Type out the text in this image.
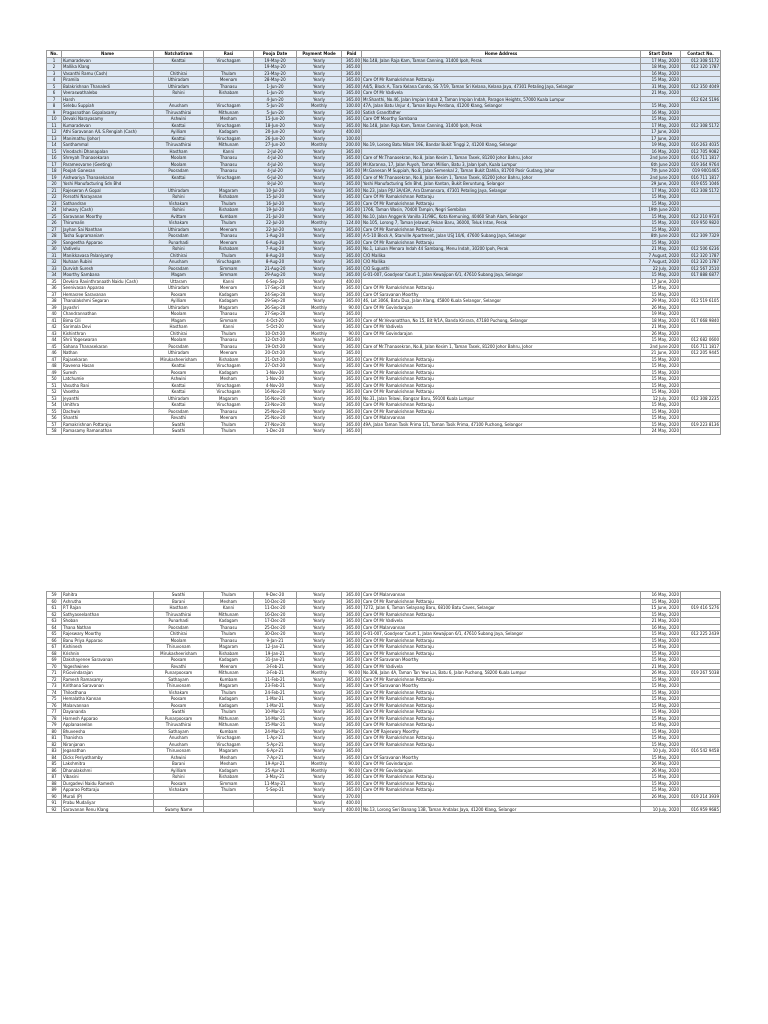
No.	Name	Natchatiram	Rasi	Pooja Date	Payment Mode	Paid	Home Address	Start Date	Contact No.
1	Kumaradevan	Keattai	Viruchagam	19-May-20	Yearly	365.00	No.148, Jalan Raja Kam, Taman Canning, 31400 Ipoh, Perak	17 May, 2020	012 308 5172
2	Mallika Klang			19-May-20	Yearly	365.00		18 May, 2020	012 320 1787
3	Vasanthi Ramu (Cash)	Chithirai	Thulam	23-May-20	Yearly	365.00		16 May, 2020	
4	Piramila	Uthiradam	Meenam	28-May-20	Yearly	365.00	Care Of Mr Ramakrishnan Pottaraju	15 May, 2020	
5	Balakrishnan Thanaledi	Uthiradam	Thanasu	1-Jun-20	Yearly	365.00	A4/5, Block A, Tiara Kelana Condo, SS 7/19, Taman Sri Kelana, Kelana Jaya, 47301 Petaling Jaya, Selangor	31 May, 2020	012 350 4049
6	Veeraswathalebo	Rohini	Rishabam	1-Jun-20	Yearly	365.00	Care Of Mr Vadivela	21 May, 2020	
7	Harsh			4-Jun-20	Yearly	365.00	Mr.Shanthi, No.46, Jalan Impian Indah 2, Taman Impian Indah, Paragon Heights, 57000 Kuala Lumpur		012 624 5196
8	Selebu Suppiah	Anusham	Viruchagam	5-Jun-20	Monthly	100.00	47A, Jalan Batu Unjur 4, Taman Bayu Perdana, 41200 Klang, Selangor	15 May, 2020	
9	Pragasnathan Gopalasamy	Thiruvathirai	Mithunam	5-Jun-20	Yearly	365.00	Satish Grandfather	16 May, 2020	
10	Devaki Narayasamy	Ashwini	Mesham	15-Jun-20	Yearly	365.00	Care Off Moorthy Sambana	15 May, 2020	
11	Kumaradevan	Keattai	Viruchagam	18-Jun-20	Yearly	365.00	No.148, Jalan Raja Kam, Taman Canning, 31400 Ipoh, Perak	17 May, 2020	012 308 5172
12	Athi Saravanan A/L S.Rengiah (Cash)	Ayilliam	Kadagam	20-Jun-20	Yearly	400.00		17 June, 2020	
13	Manimathu (Johor)	Keattai	Viruchagam	26-Jun-20	Yearly	100.00		17 June, 2020	
14	Santhammal	Thiruvathirai	Mithunam	27-Jun-20	Monthly	200.00	No.19, Lorong Batu Nilam 19E, Bandar Bukit Tinggi 2, 41200 Klang, Selangor	19 May, 2020	016 263 4035
15	Vinodachi Dhanapalan	Hastham	Kanni	2-Jul-20	Yearly	365.00		16 May, 2020	012 705 9082
16	Shreyah Thanasekaran	Moolam	Thanasu	4-Jul-20	Yearly	365.00	Care of Mr.Thanasekran, No.8, Jalan Kesim 1, Taman Tasek, 81200 Johor Bahru, Johor	2nd June 2020	016 711 1817
17	Paramesvarne (Geeting)	Moolam	Thanasu	4-Jul-20	Yearly	365.00	Mr.Karanna, 17, Jalan Puyoh, Taman Million, Batu 3, Jalan Ipoh, Kuala Lumpur	6th June 2020	019 364 9764
18	Poojah Ganesan	Pooradam	Thanasu	4-Jul-20	Yearly	365.00	Mr.Ganesan M Suppiah, No.8, Jalan Semenkal 2, Taman Bukit Dahlia, 81700 Pasir Gudang, Johor	7th June 2020	019 9001465
19	Aishwariya Thanasekaran	Keattai	Viruchagam	6-Jul-20	Yearly	365.00	Care of Mr.Thanasekran, No.8, Jalan Kesim 1, Taman Tasek, 81200 Johor Bahru, Johor	2nd June 2020	016 711 1817
20	Yoshi Manufacturing Sdn Bhd			8-Jul-20	Yearly	365.00	Yoshi Manufacturing Sdn Bhd, Jalan Kantan, Bukit Beruntung, Selangor	29 June, 2020	019 655 1046
21	Rajeswran A Gopal	Uthiradam	Magaram	10-Jul-20	Yearly	365.00	No.23, Jalan PJU 3A/43A, Ara Damansara, 47301 Petaling Jaya, Selangor	17 May, 2020	012 308 5172
22	Porsothi Narayanan	Rohini	Rishabam	15-Jul-20	Yearly	365.00	Care Of Mr Ramakrishnan Pottaraju	15 May, 2020	
23	Sathandran	Vishakam	Thulam	16-Jul-20	Yearly	365.00	Care Of Mr Ramakrishnan Pottaraju	15 May, 2020	
24	Ishwary (Cash)	Rohini	Rishabam	19-Jul-20	Yearly	365.00	1766, Taman Wasin, 70400 Tampin, Negri Sembilan	19th June 2020	
25	Saravanan Moorthy	Avittam	Kumbam	21-Jul-20	Yearly	365.00	No.10, Jalan Anggerik Vanilla 31/98C, Kota Kemuning, 40460 Shah Alam, Selangor	15 May, 2020	012 210 9724
26	Thirumalin	Vishakam	Thulam	22-Jul-20	Monthly	124.00	No.105, Lorong 7, Taman Jelawat, Pekan Baru, 36000, Teluk Intan, Perak	15 May, 2020	019 950 9820
27	Jayhan Sai Nanthan	Uthiradam	Meenam	22-Jul-20	Yearly	365.00	Care Of Mr Ramakrishnan Pottaraju	15 May, 2020	
28	Tasha Supramaniam	Pooradam	Thanasu	1-Aug-20	Yearly	365.00	A-5-10 Block A, Starville Apartment, Jalan USJ 10/6, 47600 Subang Jaya, Selangor	8th June 2020	012 309 7329
29	Sangeetha Apparao	Punarhadi	Meenam	6-Aug-20	Yearly	365.00	Care Of Mr Ramakrishnan Pottaraju	15 May, 2020	
30	Vadivelu	Rohini	Rishabam	7-Aug-20	Yearly	365.00	No.1, Laluan Menara Indah 44 Sambang, Menu Indah, 30200 Ipoh, Perak	21 May, 2020	012 506 6236
31	Manikkavasa Palaniyamy	Chithirai	Thulam	8-Aug-20	Yearly	365.00	C/O Mallika	7 August, 2020	012 320 1787
32	Nuhaan Rubini	Anusham	Viruchagam	8-Aug-20	Yearly	365.00	C/O Mallika	7 August, 2020	012 320 1787
33	Durvish Suresh	Pooradam	Simmam	21-Aug-20	Yearly	365.00	C/O Sugunthi	22 July, 2020	012 567 2510
34	Moorthy Sambana	Magam	Simmam	29-Aug-20	Yearly	365.00	G-01-007, Goodyear Court 1, Jalan Kewajipan 6/1, 47610 Subang Jaya, Selangor	15 May, 2020	017 888 6877
35	Devkira Ravinthranaath Naidu (Cash)	Uttaram	Kanni	6-Sep-20	Yearly	400.00		17 June, 2020	
36	Seenivasan Apparao	Uthiradam	Meenam	17-Sep-20	Yearly	365.00	Care Of Mr Ramakrishnan Pottaraju	15 May, 2020	
37	Hemasree Saravanan	Poosam	Kadagam	24-Sep-20	Yearly	365.00	Care Of Saravanan Moorthy	15 May, 2020	
38	Thanalakshmi Segaran	Ayilliam	Kadagam	29-Sep-20	Yearly	365.00	46, Lot 3066, Batu Dua, Jalan Klang, 45800 Kuala Selangor, Selangor	29 May, 2020	012 519 6105
39	Jayashri	Uthiradam	Magaram	26-Sep-20	Monthly	90.00	Care Of Mr Govindarajan	26 May, 2020	
40	Chandrannathan	Moolam	Thanasu	27-Sep-20	Yearly	365.00		19 May, 2020	
41	Bima Cili	Magam	Simmam	4-Oct-20	Yearly	365.00	Care of Mr.Vevanatthan, No 15, Bit 9/1A, Banda Kinrara, 47180 Puchong, Selangor	18 May, 2020	017 668 9840
42	Sarimala Devi	Hastham	Kanni	5-Oct-20	Yearly	365.00	Care Of Mr Vadivela	21 May, 2020	
43	Kishinthran	Chithirai	Thulam	10-Oct-20	Monthly	90.00	Care Of Mr Govindarajan	26 May, 2020	
44	Shrii Yogeswaran	Moolam	Thanasu	12-Oct-20	Yearly	365.00		15 May, 2020	012 682 0600
45	Sahana Thanasekaran	Pooradam	Thanasu	19-Oct-20	Yearly	365.00	Care of Mr.Thanasekran, No.8, Jalan Kesim 1, Taman Tasek, 81200 Johor Bahru, Johor	2nd June 2020	016 711 1817
46	Nathan	Uthiradam	Meenam	20-Oct-20	Yearly	365.00		21 June, 2020	012 205 9445
47	Rajasekaran	Mirukasheerisham	Rishabam	21-Oct-20	Yearly	365.00	Care Of Mr Ramakrishnan Pottaraju	15 May, 2020	
48	Raveena Hasan	Keattai	Viruchagam	27-Oct-20	Yearly	365.00	Care Of Mr Ramakrishnan Pottaraju	15 May, 2020	
49	Suresh	Poosam	Kadagam	1-Nov-20	Yearly	365.00	Care Of Mr Ramakrishnan Pottaraju	15 May, 2020	
50	Latchumie	Ashwini	Mesham	1-Nov-20	Yearly	365.00	Care Of Mr Ramakrishnan Pottaraju	15 May, 2020	
51	Vasutha Rani	Keattai	Viruchagam	4-Nov-20	Yearly	365.00	Care Of Mr Ramakrishnan Pottaraju	15 May, 2020	
52	Vasetha	Keattai	Viruchagam	16-Nov-20	Yearly	365.00	Care Of Mr Ramakrishnan Pottaraju	15 May, 2020	
53	Jeyanthi	Uthiradam	Magaram	16-Nov-20	Yearly	365.00	No.31, Jalan Telawi, Bangsar Baru, 59100 Kuala Lumpur	12 July, 2020	012 308 2235
54	Umithra	Keattai	Viruchagam	23-Nov-20	Yearly	365.00	Care Of Mr Ramakrishnan Pottaraju	15 May, 2020	
55	Dachwin	Pooradam	Thanasu	25-Nov-20	Yearly	365.00	Care Of Mr Ramakrishnan Pottaraju	15 May, 2020	
56	Shanthi	Revathi	Meenam	25-Nov-20	Yearly	365.00	Care Of Malarvannan	15 May, 2020	
57	Ramakrishnan Pottaraju	Swathi	Thulam	27-Nov-20	Yearly	365.00	49A, Jalan Taman Tasik Prima 1/1, Taman Tasik Prima, 47100 Puchong, Selangor	15 May, 2020	019 223 8136
58	Ramasamy Ramanathan	Swathi	Thulam	1-Dec-20	Yearly	365.00		24 May, 2020	
59	Rohitra	Swathi	Thulam	9-Dec-20	Yearly	365.00	Care Of Malarvannan	16 May, 2020	
60	Ashrutha	Barani	Mesham	10-Dec-20	Yearly	365.00	Care Of Mr Ramakrishnan Pottaraju	15 May, 2020	
61	P.T Rajan	Hastham	Kanni	11-Dec-20	Yearly	365.00	7272, Jalan 6, Taman Selayang Baru, 68100 Batu Caves, Selangor	15 June, 2020	019 416 5276
62	Sathyaseelanthan	Thiruvathirai	Mithunam	16-Dec-20	Yearly	365.00	Care Of Mr Ramakrishnan Pottaraju	15 May, 2020	
63	Shoban	Punarhadi	Kadagam	17-Dec-20	Yearly	365.00	Care Of Mr Vadivela	21 May, 2020	
64	Thana Nathan	Pooradam	Thanasu	25-Dec-20	Yearly	365.00	Care Of Malarvannan	16 May, 2020	
65	Rajeswary Moorthy	Chithirai	Thulam	30-Dec-20	Yearly	365.00	G-01-007, Goodyear Court 1, Jalan Kewajipan 6/1, 47610 Subang Jaya, Selangor	15 May, 2020	012 225 2439
66	Banu Priya Apparao	Moolam	Thanasu	9-Jan-21	Yearly	365.00	Care Of Mr Ramakrishnan Pottaraju	15 May, 2020	
67	Kishinesh	Thiruvonam	Magaram	12-Jan-21	Yearly	365.00	Care Of Mr Ramakrishnan Pottaraju	15 May, 2020	
68	Krishnin	Mirukasheerisham	Rishabam	19-Jan-21	Yearly	365.00	Care Of Mr Ramakrishnan Pottaraju	15 May, 2020	
69	Dakshayenee Saravanan	Poosam	Kadagam	31-Jan-21	Yearly	365.00	Care Of Saravanan Moorthy	15 May, 2020	
70	Yogeshwinee	Revathi	Meenam	3-Feb-21	Yearly	365.00	Care Of Mr Vadivela	21 May, 2020	
71	P.Govindarajan	Punarpoosam	Mithunam	3-Feb-21	Monthly	90.00	No.308, Jalan 4A, Taman Tan Yew Lai, Batu 6, Jalan Puchong, 58200 Kuala Lumpur	26 May, 2020	019 267 5038
72	Ramesh Ramasamy	Sathayam	Kumbam	11-Feb-21	Yearly	365.00	Care Of Mr Ramakrishnan Pottaraju	15 May, 2020	
73	Kirithana Saravanan	Thiruvonam	Magaram	23-Feb-21	Yearly	365.00	Care Of Saravanan Moorthy	15 May, 2020	
74	Thilosthana	Vishakam	Thulam	24-Feb-21	Yearly	365.00	Care Of Mr Ramakrishnan Pottaraju	15 May, 2020	
75	Hemalatha Kannan	Poosam	Kadagam	1-Mar-21	Yearly	365.00	Care Of Mr Ramakrishnan Pottaraju	15 May, 2020	
76	Malarvannan	Poosam	Kadagam	1-Mar-21	Yearly	365.00	Care Of Mr Ramakrishnan Pottaraju	15 May, 2020	
77	Dayananda	Swathi	Thulam	10-Mar-21	Yearly	365.00	Care Of Mr Ramakrishnan Pottaraju	15 May, 2020	
78	Harnesh Apparao	Punarpoosam	Mithunam	14-Mar-21	Yearly	365.00	Care Of Mr Ramakrishnan Pottaraju	15 May, 2020	
79	Applanaseelan	Thiruvathirai	Mithunam	15-Mar-21	Yearly	365.00	Care Of Mr Ramakrishnan Pottaraju	15 May, 2020	
80	Bhuveesha	Sathayam	Kumbam	24-Mar-21	Yearly	365.00	Care Off Rajeswary Moorthy	15 May, 2020	
81	Thanishra	Anusham	Viruchagam	1-Apr-21	Yearly	365.00	Care Of Mr Ramakrishnan Pottaraju	15 May, 2020	
82	Niranjanan	Anusham	Viruchagam	5-Apr-21	Yearly	365.00	Care Of Mr Ramakrishnan Pottaraju	15 May, 2020	
83	Jeganathan	Thiruvonam	Magaram	6-Apr-21	Yearly	365.00		10 July, 2020	016 542 9458
84	Dicks Periyathamby	Ashwini	Mesham	7-Apr-21	Yearly	365.00	Care Of Saravanan Moorthy	15 May, 2020	
85	Lakshmitra	Barani	Mesham	19-Apr-21	Monthly	90.00	Care Of Mr Govindarajan	26 May, 2020	
86	Dhanalakshmi	Ayilliam	Kadagam	25-Apr-21	Monthly	90.00	Care Of Mr Govindarajan	26 May, 2020	
87	Vibasini	Rohini	Rishabam	3-May-21	Yearly	365.00	Care Of Mr Ramakrishnan Pottaraju	15 May, 2020	
88	Durgadevi Naidu Ramesh	Poosam	Simmam	11-May-21	Yearly	365.00	Care Of Mr Ramakrishnan Pottaraju	15 May, 2020	
89	Apparao Pottaraju	Vishakam	Thulam	5-Sep-21	Yearly	365.00	Care Of Mr Ramakrishnan Pottaraju	15 May, 2020	
90	Murali (P)				Yearly	370.00		26 May, 2020	019 214 3939
91	Prabu Mudaliyar				Yearly	400.00			
92	Saravanan Renu Klang	Swamy Name			Yearly	400.00	No.13, Lorong Seri Banang 13B, Taman Andalas Jaya, 41200 Klang, Selangor	10 July, 2020	016 959 9685
